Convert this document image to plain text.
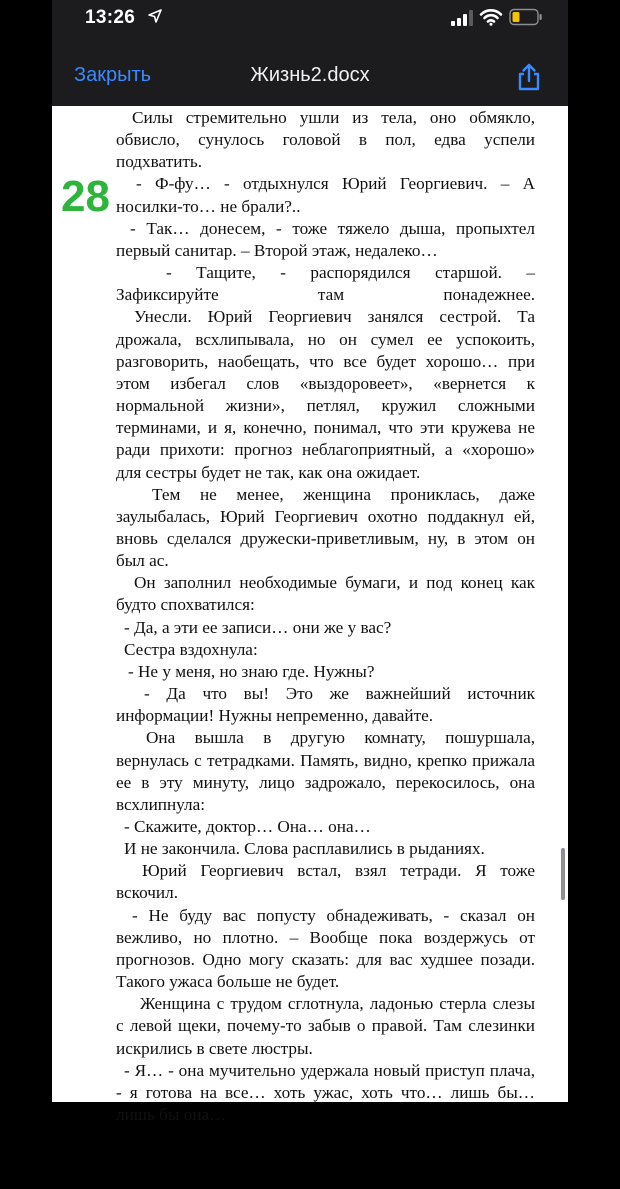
13:26
Закрыть	Жизнь2.docx
28

Силы стремительно ушли из тела, оно обмякло, обвисло, сунулось головой в пол, едва успели подхватить.

- Ф-фу… - отдыхнулся Юрий Георгиевич. – А носилки-то… не брали?..

- Так… донесем, - тоже тяжело дыша, пропыхтел первый санитар. – Второй этаж, недалеко…

- Тащите, - распорядился старшой. – Зафиксируйте там понадежнее.

Унесли. Юрий Георгиевич занялся сестрой. Та дрожала, всхлипывала, но он сумел ее успокоить, разговорить, наобещать, что все будет хорошо… при этом избегал слов «выздоровеет», «вернется к нормальной жизни», петлял, кружил сложными терминами, и я, конечно, понимал, что эти кружева не ради прихоти: прогноз неблагоприятный, а «хорошо» для сестры будет не так, как она ожидает.

Тем не менее, женщина прониклась, даже заулыбалась, Юрий Георгиевич охотно поддакнул ей, вновь сделался дружески-приветливым, ну, в этом он был ас.

Он заполнил необходимые бумаги, и под конец как будто спохватился:

- Да, а эти ее записи… они же у вас?

Сестра вздохнула:

- Не у меня, но знаю где. Нужны?

- Да что вы! Это же важнейший источник информации! Нужны непременно, давайте.

Она вышла в другую комнату, пошуршала, вернулась с тетрадками. Память, видно, крепко прижала ее в эту минуту, лицо задрожало, перекосилось, она всхлипнула:

- Скажите, доктор… Она… она…

И не закончила. Слова расплавились в рыданиях.

Юрий Георгиевич встал, взял тетради. Я тоже вскочил.

- Не буду вас попусту обнадеживать, - сказал он вежливо, но плотно. – Вообще пока воздержусь от прогнозов. Одно могу сказать: для вас худшее позади. Такого ужаса больше не будет.

Женщина с трудом сглотнула, ладонью стерла слезы с левой щеки, почему-то забыв о правой. Там слезинки искрились в свете люстры.

- Я… - она мучительно удержала новый приступ плача, - я готова на все… хоть ужас, хоть что… лишь бы… лишь бы она…
